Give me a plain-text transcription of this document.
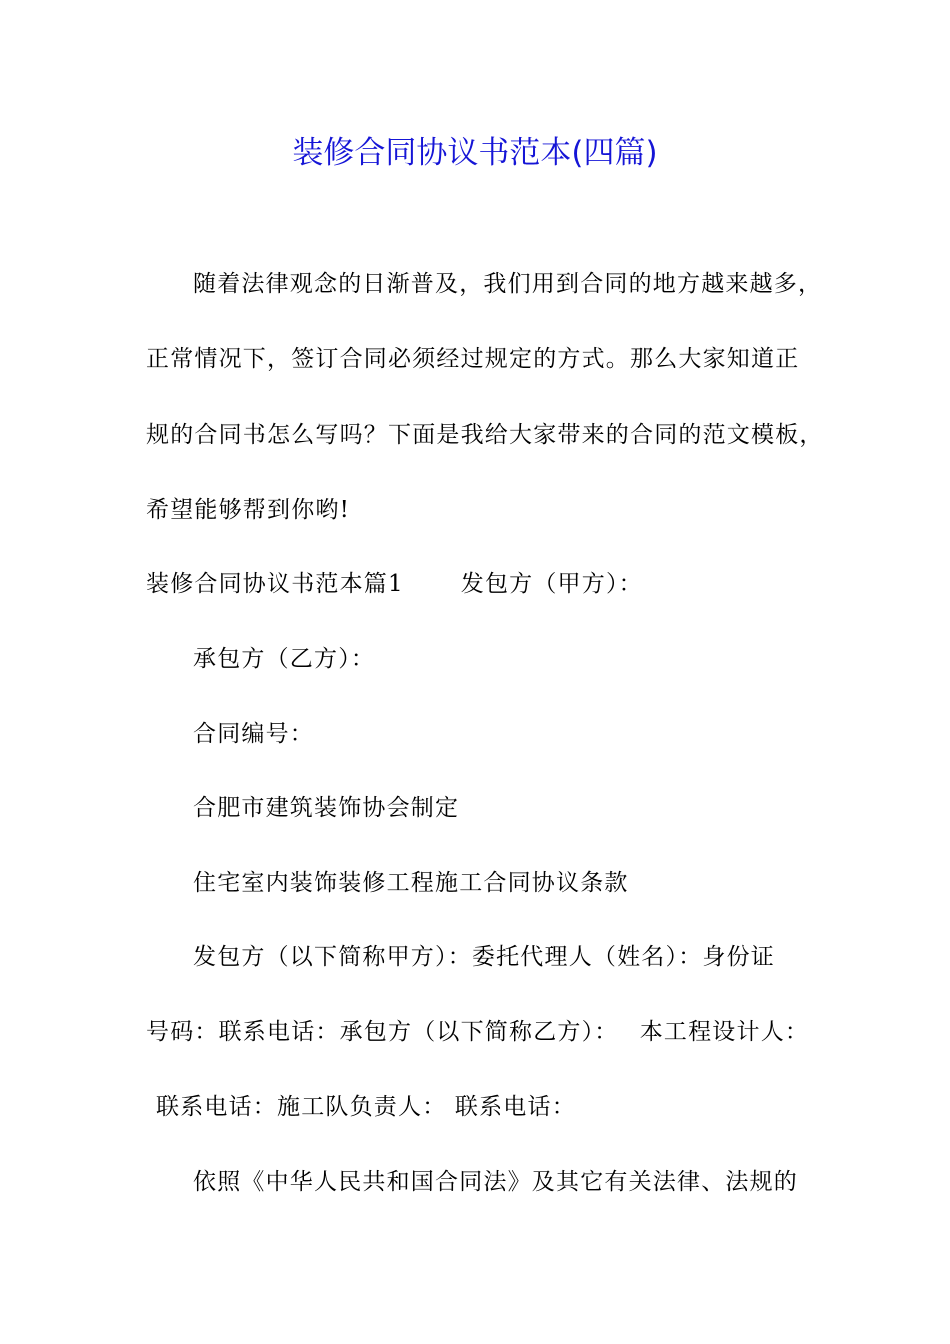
装修合同协议书范本(四篇)
随着法律观念的日渐普及，我们用到合同的地方越来越多，
正常情况下，签订合同必须经过规定的方式。那么大家知道正
规的合同书怎么写吗？下面是我给大家带来的合同的范文模板，
希望能够帮到你哟!
装修合同协议书范本篇1　　 发包方（甲方）：
承包方（乙方）：
合同编号：
合肥市建筑装饰协会制定
住宅室内装饰装修工程施工合同协议条款
发包方（以下简称甲方）：委托代理人（姓名）：身份证
号码：联系电话：承包方（以下简称乙方）：　 本工程设计人：
联系电话：施工队负责人： 联系电话：
依照《中华人民共和国合同法》及其它有关法律、法规的
